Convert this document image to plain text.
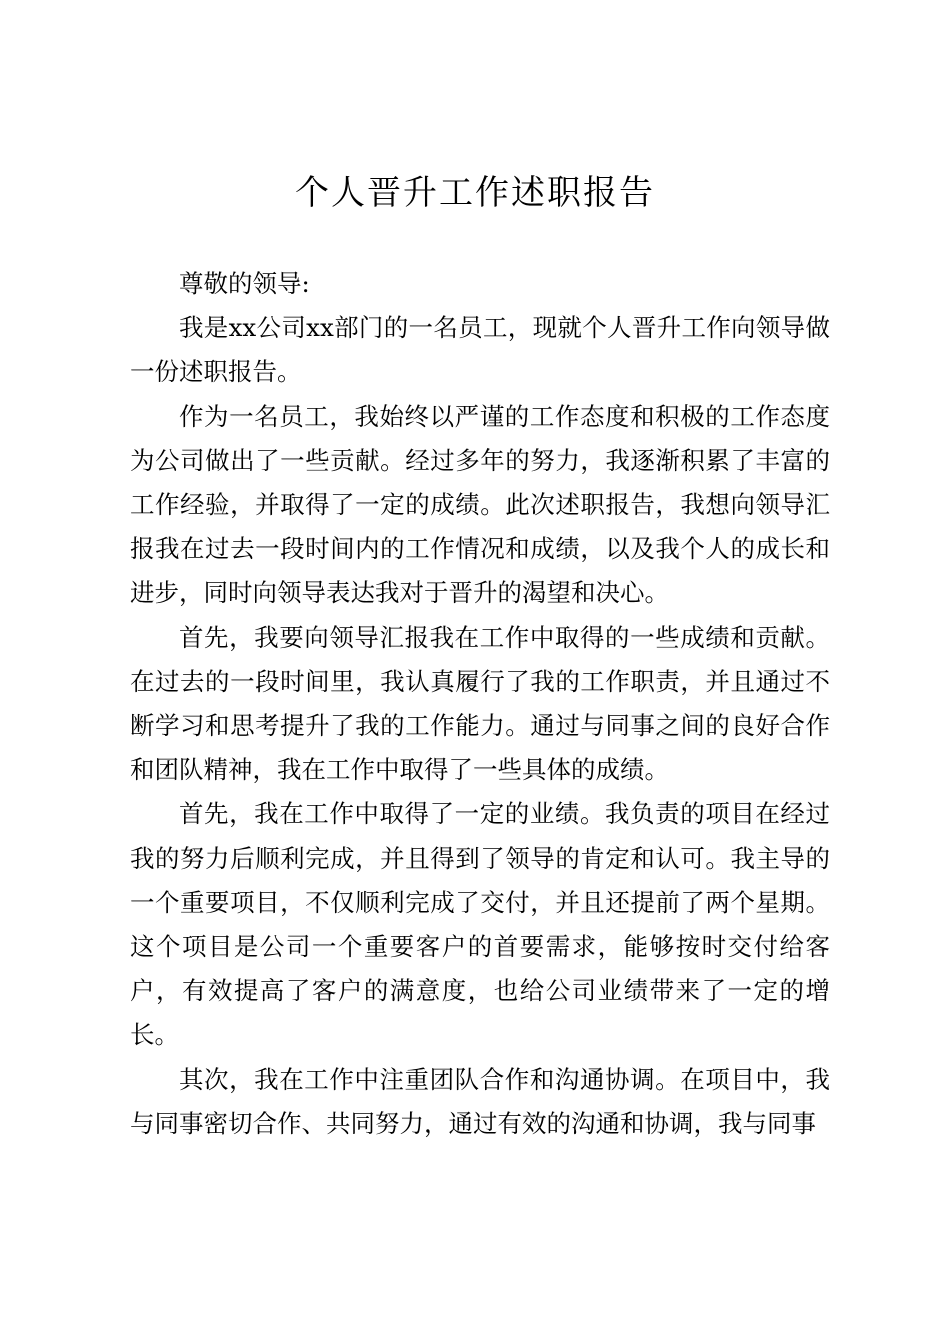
个人晋升工作述职报告

尊敬的领导:

我是xx公司xx部门的一名员工，现就个人晋升工作向领导做一份述职报告。

作为一名员工，我始终以严谨的工作态度和积极的工作态度为公司做出了一些贡献。经过多年的努力，我逐渐积累了丰富的工作经验，并取得了一定的成绩。此次述职报告，我想向领导汇报我在过去一段时间内的工作情况和成绩，以及我个人的成长和进步，同时向领导表达我对于晋升的渴望和决心。

首先，我要向领导汇报我在工作中取得的一些成绩和贡献。在过去的一段时间里，我认真履行了我的工作职责，并且通过不断学习和思考提升了我的工作能力。通过与同事之间的良好合作和团队精神，我在工作中取得了一些具体的成绩。

首先，我在工作中取得了一定的业绩。我负责的项目在经过我的努力后顺利完成，并且得到了领导的肯定和认可。我主导的一个重要项目，不仅顺利完成了交付，并且还提前了两个星期。这个项目是公司一个重要客户的首要需求，能够按时交付给客户，有效提高了客户的满意度，也给公司业绩带来了一定的增长。

其次，我在工作中注重团队合作和沟通协调。在项目中，我与同事密切合作、共同努力，通过有效的沟通和协调，我与同事
